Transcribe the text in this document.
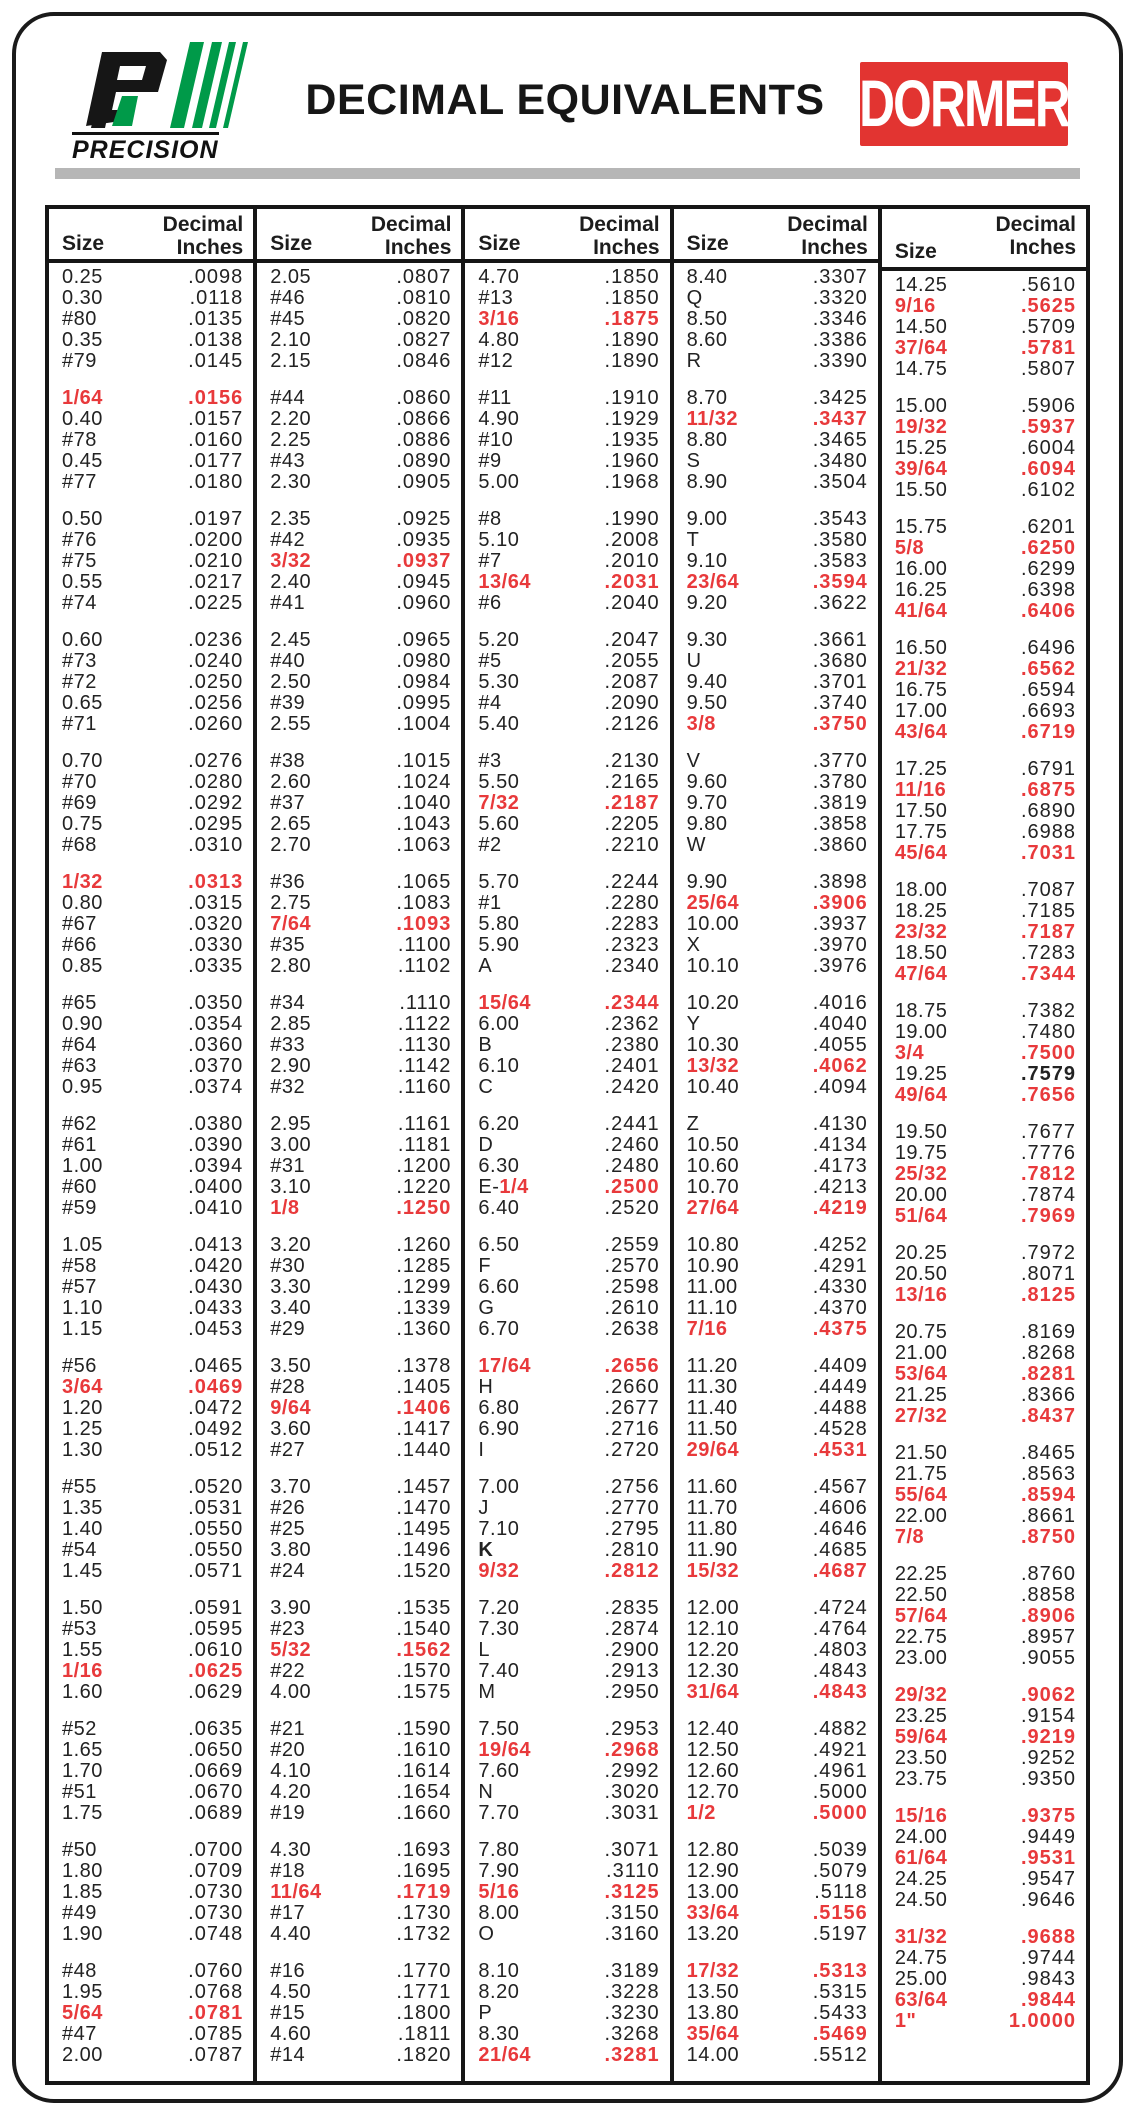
PRECISION
DECIMAL EQUIVALENTS DORMER
Decimal
Inches
Size
0.25	.0098
0.30	.0118
#80	.0135
0.35	.0138
#79	.0145
1/64	.0156
0.40	.0157
#78	.0160
0.45	.0177
#77	.0180
0.50	.0197
#76	.0200
#75	.0210
0.55	.0217
#74	.0225
0.60	.0236
#73	.0240
#72	.0250
0.65	.0256
#71	.0260
0.70	.0276
#70	.0280
#69	.0292
0.75	.0295
#68	.0310
1/32	.0313
0.80	.0315
#67	.0320
#66	.0330
0.85	.0335
#65	.0350
0.90	.0354
#64	.0360
#63	.0370
0.95	.0374
#62	.0380
#61	.0390
1.00	.0394
#60	.0400
#59	.0410
1.05	.0413
#58	.0420
#57	.0430
1.10	.0433
1.15	.0453
#56	.0465
3/64	.0469
1.20	.0472
1.25	.0492
1.30	.0512
#55	.0520
1.35	.0531
1.40	.0550
#54	.0550
1.45	.0571
1.50	.0591
#53	.0595
1.55	.0610
1/16	.0625
1.60	.0629
#52	.0635
1.65	.0650
1.70	.0669
#51	.0670
1.75	.0689
#50	.0700
1.80	.0709
1.85	.0730
#49	.0730
1.90	.0748
#48	.0760
1.95	.0768
5/64	.0781
#47	.0785
2.00	.0787
Decimal
Inches
Size
2.05	.0807
#46	.0810
#45	.0820
2.10	.0827
2.15	.0846
#44	.0860
2.20	.0866
2.25	.0886
#43	.0890
2.30	.0905
2.35	.0925
#42	.0935
3/32	.0937
2.40	.0945
#41	.0960
2.45	.0965
#40	.0980
2.50	.0984
#39	.0995
2.55	.1004
#38	.1015
2.60	.1024
#37	.1040
2.65	.1043
2.70	.1063
#36	.1065
2.75	.1083
7/64	.1093
#35	.1100
2.80	.1102
#34	.1110
2.85	.1122
#33	.1130
2.90	.1142
#32	.1160
2.95	.1161
3.00	.1181
#31	.1200
3.10	.1220
1/8	.1250
3.20	.1260
#30	.1285
3.30	.1299
3.40	.1339
#29	.1360
3.50	.1378
#28	.1405
9/64	.1406
3.60	.1417
#27	.1440
3.70	.1457
#26	.1470
#25	.1495
3.80	.1496
#24	.1520
3.90	.1535
#23	.1540
5/32	.1562
#22	.1570
4.00	.1575
#21	.1590
#20	.1610
4.10	.1614
4.20	.1654
#19	.1660
4.30	.1693
#18	.1695
11/64	.1719
#17	.1730
4.40	.1732
#16	.1770
4.50	.1771
#15	.1800
4.60	.1811
#14	.1820
Decimal
Inches
Size
4.70	.1850
#13	.1850
3/16	.1875
4.80	.1890
#12	.1890
#11	.1910
4.90	.1929
#10	.1935
#9	.1960
5.00	.1968
#8	.1990
5.10	.2008
#7	.2010
13/64	.2031
#6	.2040
5.20	.2047
#5	.2055
5.30	.2087
#4	.2090
5.40	.2126
#3	.2130
5.50	.2165
7/32	.2187
5.60	.2205
#2	.2210
5.70	.2244
#1	.2280
5.80	.2283
5.90	.2323
A	.2340
15/64	.2344
6.00	.2362
B	.2380
6.10	.2401
C	.2420
6.20	.2441
D	.2460
6.30	.2480
E-1/4	.2500
6.40	.2520
6.50	.2559
F	.2570
6.60	.2598
G	.2610
6.70	.2638
17/64	.2656
H	.2660
6.80	.2677
6.90	.2716
I	.2720
7.00	.2756
J	.2770
7.10	.2795
K	.2810
9/32	.2812
7.20	.2835
7.30	.2874
L	.2900
7.40	.2913
M	.2950
7.50	.2953
19/64	.2968
7.60	.2992
N	.3020
7.70	.3031
7.80	.3071
7.90	.3110
5/16	.3125
8.00	.3150
O	.3160
8.10	.3189
8.20	.3228
P	.3230
8.30	.3268
21/64	.3281
Decimal
Inches
Size
8.40	.3307
Q	.3320
8.50	.3346
8.60	.3386
R	.3390
8.70	.3425
11/32	.3437
8.80	.3465
S	.3480
8.90	.3504
9.00	.3543
T	.3580
9.10	.3583
23/64	.3594
9.20	.3622
9.30	.3661
U	.3680
9.40	.3701
9.50	.3740
3/8	.3750
V	.3770
9.60	.3780
9.70	.3819
9.80	.3858
W	.3860
9.90	.3898
25/64	.3906
10.00	.3937
X	.3970
10.10	.3976
10.20	.4016
Y	.4040
10.30	.4055
13/32	.4062
10.40	.4094
Z	.4130
10.50	.4134
10.60	.4173
10.70	.4213
27/64	.4219
10.80	.4252
10.90	.4291
11.00	.4330
11.10	.4370
7/16	.4375
11.20	.4409
11.30	.4449
11.40	.4488
11.50	.4528
29/64	.4531
11.60	.4567
11.70	.4606
11.80	.4646
11.90	.4685
15/32	.4687
12.00	.4724
12.10	.4764
12.20	.4803
12.30	.4843
31/64	.4843
12.40	.4882
12.50	.4921
12.60	.4961
12.70	.5000
1/2	.5000
12.80	.5039
12.90	.5079
13.00	.5118
33/64	.5156
13.20	.5197
17/32	.5313
13.50	.5315
13.80	.5433
35/64	.5469
14.00	.5512
Decimal
Inches
Size
14.25	.5610
9/16	.5625
14.50	.5709
37/64	.5781
14.75	.5807
15.00	.5906
19/32	.5937
15.25	.6004
39/64	.6094
15.50	.6102
15.75	.6201
5/8	.6250
16.00	.6299
16.25	.6398
41/64	.6406
16.50	.6496
21/32	.6562
16.75	.6594
17.00	.6693
43/64	.6719
17.25	.6791
11/16	.6875
17.50	.6890
17.75	.6988
45/64	.7031
18.00	.7087
18.25	.7185
23/32	.7187
18.50	.7283
47/64	.7344
18.75	.7382
19.00	.7480
3/4	.7500
19.25	.7579
49/64	.7656
19.50	.7677
19.75	.7776
25/32	.7812
20.00	.7874
51/64	.7969
20.25	.7972
20.50	.8071
13/16	.8125
20.75	.8169
21.00	.8268
53/64	.8281
21.25	.8366
27/32	.8437
21.50	.8465
21.75	.8563
55/64	.8594
22.00	.8661
7/8	.8750
22.25	.8760
22.50	.8858
57/64	.8906
22.75	.8957
23.00	.9055
29/32	.9062
23.25	.9154
59/64	.9219
23.50	.9252
23.75	.9350
15/16	.9375
24.00	.9449
61/64	.9531
24.25	.9547
24.50	.9646
31/32	.9688
24.75	.9744
25.00	.9843
63/64	.9844
1"	1.0000
